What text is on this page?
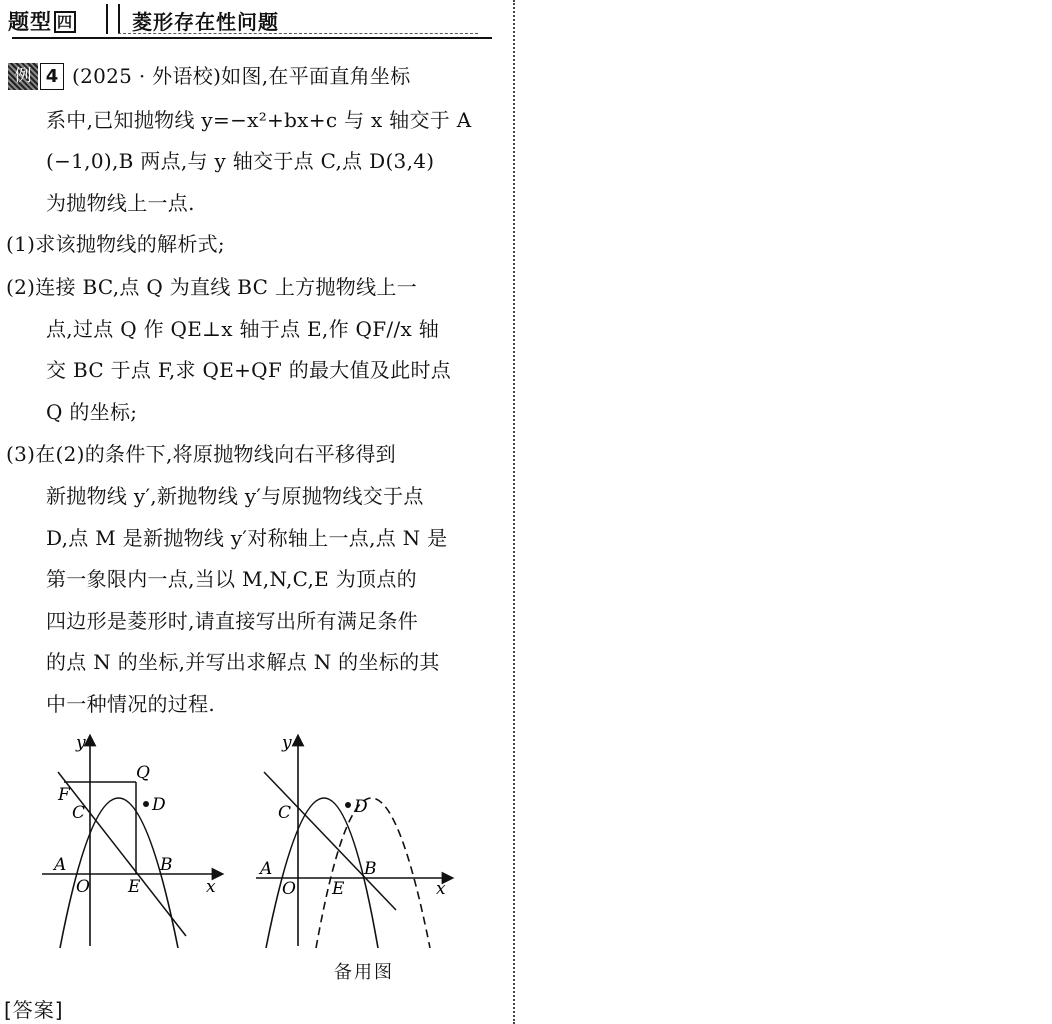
题型 四	菱形存在性问题
例 4 (2025 · 外语校)如图,在平面直角坐标
系中,已知抛物线 y=−x²+bx+c 与 x 轴交于 A
(−1,0),B 两点,与 y 轴交于点 C,点 D(3,4)
为抛物线上一点.
(1)求该抛物线的解析式;
(2)连接 BC,点 Q 为直线 BC 上方抛物线上一
点,过点 Q 作 QE⊥x 轴于点 E,作 QF//x 轴
交 BC 于点 F,求 QE+QF 的最大值及此时点
Q 的坐标;
(3)在(2)的条件下,将原抛物线向右平移得到
新抛物线 y′,新抛物线 y′与原抛物线交于点
D,点 M 是新抛物线 y′对称轴上一点,点 N 是
第一象限内一点,当以 M,N,C,E 为顶点的
四边形是菱形时,请直接写出所有满足条件
的点 N 的坐标,并写出求解点 N 的坐标的其
中一种情况的过程.
y
Q
F
C	D
A	B
O E	x
y
C	D
A	B
O E	x
备用图
[答案]
